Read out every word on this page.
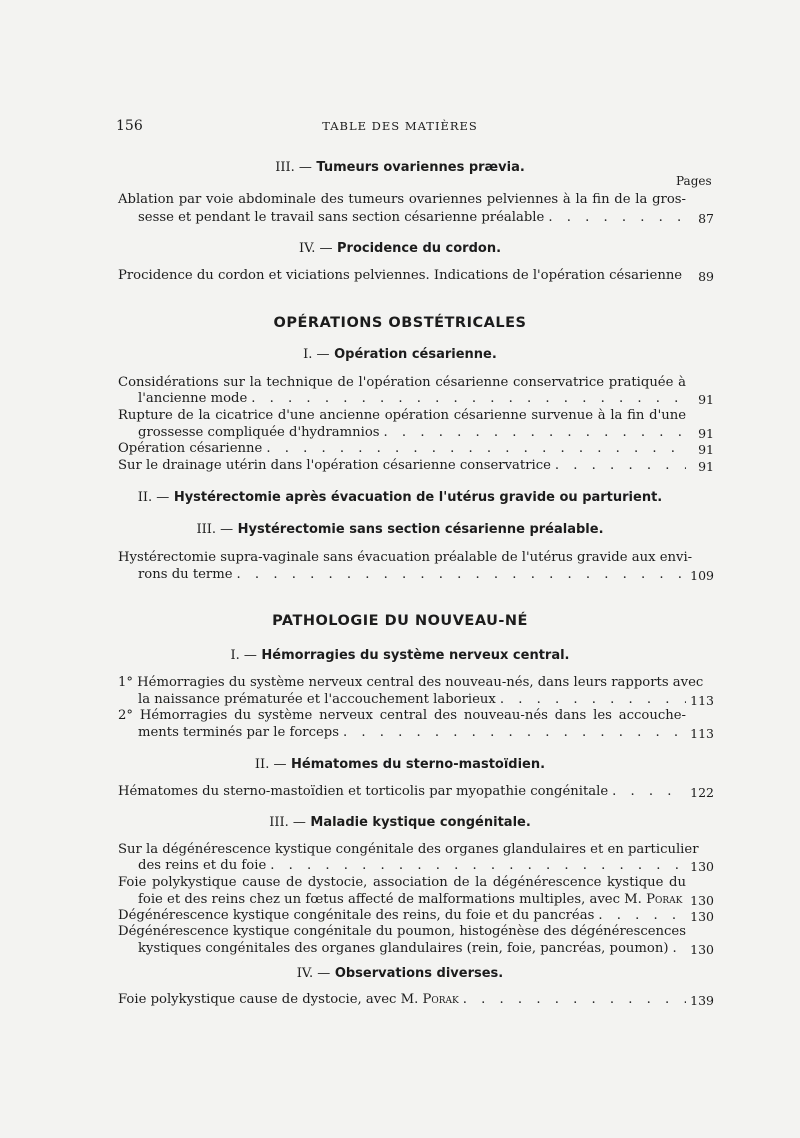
156	TABLE DES MATIÈRES
III. — Tumeurs ovariennes prævia.
Pages
Ablation par voie abdominale des tumeurs ovariennes pelviennes à la fin de la gros-
sesse et pendant le travail sans section césarienne préalable . . .	87
IV. — Procidence du cordon.
Procidence du cordon et viciations pelviennes. Indications de l'opération césarienne	89
OPÉRATIONS OBSTÉTRICALES
I. — Opération césarienne.
Considérations sur la technique de l'opération césarienne conservatrice pratiquée à
l'ancienne mode . . .	91
Rupture de la cicatrice d'une ancienne opération césarienne survenue à la fin d'une
grossesse compliquée d'hydramnios . . .	91
Opération césarienne . . .	91
Sur le drainage utérin dans l'opération césarienne conservatrice . . .	91
II. — Hystérectomie après évacuation de l'utérus gravide ou parturient.
III. — Hystérectomie sans section césarienne préalable.
Hystérectomie supra-vaginale sans évacuation préalable de l'utérus gravide aux envi-
rons du terme . . .	109
PATHOLOGIE DU NOUVEAU-NÉ
I. — Hémorragies du système nerveux central.
1° Hémorragies du système nerveux central des nouveau-nés, dans leurs rapports avec
la naissance prématurée et l'accouchement laborieux . . .	113
2° Hémorragies du système nerveux central des nouveau-nés dans les accouche-
ments terminés par le forceps . . .	113
II. — Hématomes du sterno-mastoïdien.
Hématomes du sterno-mastoïdien et torticolis par myopathie congénitale . . .	122
III. — Maladie kystique congénitale.
Sur la dégénérescence kystique congénitale des organes glandulaires et en particulier
des reins et du foie . . .	130
Foie polykystique cause de dystocie, association de la dégénérescence kystique du
foie et des reins chez un fœtus affecté de malformations multiples, avec M. Porak 130
Dégénérescence kystique congénitale des reins, du foie et du pancréas . . .	130
Dégénérescence kystique congénitale du poumon, histogénèse des dégénérescences
kystiques congénitales des organes glandulaires (rein, foie, pancréas, poumon) . . . 130
IV. — Observations diverses.
Foie polykystique cause de dystocie, avec M. Porak . . .	139
